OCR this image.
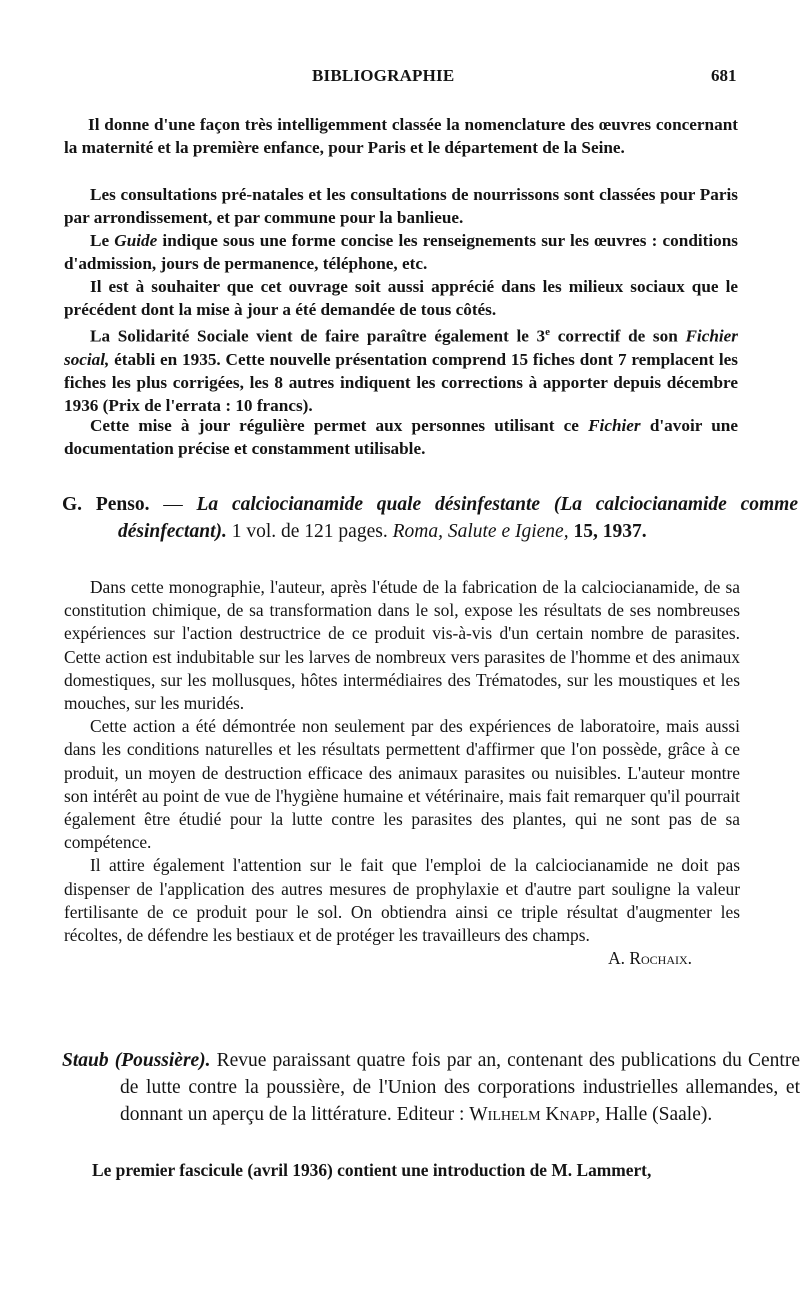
BIBLIOGRAPHIE	681

Il donne d'une façon très intelligemment classée la nomenclature des œuvres concernant la maternité et la première enfance, pour Paris et le département de la Seine.

Les consultations pré-natales et les consultations de nourrissons sont classées pour Paris par arrondissement, et par commune pour la banlieue.

Le Guide indique sous une forme concise les renseignements sur les œuvres : conditions d'admission, jours de permanence, téléphone, etc.

Il est à souhaiter que cet ouvrage soit aussi apprécié dans les milieux sociaux que le précédent dont la mise à jour a été demandée de tous côtés.

La Solidarité Sociale vient de faire paraître également le 3e correctif de son Fichier social, établi en 1935. Cette nouvelle présentation comprend 15 fiches dont 7 remplacent les fiches les plus corrigées, les 8 autres indiquent les corrections à apporter depuis décembre 1936 (Prix de l'errata : 10 francs).

Cette mise à jour régulière permet aux personnes utilisant ce Fichier d'avoir une documentation précise et constamment utilisable.

G. Penso. — La calciocianamide quale désinfestante (La calciocianamide comme désinfectant). 1 vol. de 121 pages. Roma, Salute e Igiene, 15, 1937.

Dans cette monographie, l'auteur, après l'étude de la fabrication de la calciocianamide, de sa constitution chimique, de sa transformation dans le sol, expose les résultats de ses nombreuses expériences sur l'action destructrice de ce produit vis-à-vis d'un certain nombre de parasites. Cette action est indubitable sur les larves de nombreux vers parasites de l'homme et des animaux domestiques, sur les mollusques, hôtes intermédiaires des Trématodes, sur les moustiques et les mouches, sur les muridés.

Cette action a été démontrée non seulement par des expériences de laboratoire, mais aussi dans les conditions naturelles et les résultats permettent d'affirmer que l'on possède, grâce à ce produit, un moyen de destruction efficace des animaux parasites ou nuisibles. L'auteur montre son intérêt au point de vue de l'hygiène humaine et vétérinaire, mais fait remarquer qu'il pourrait également être étudié pour la lutte contre les parasites des plantes, qui ne sont pas de sa compétence.

Il attire également l'attention sur le fait que l'emploi de la calciocianamide ne doit pas dispenser de l'application des autres mesures de prophylaxie et d'autre part souligne la valeur fertilisante de ce produit pour le sol. On obtiendra ainsi ce triple résultat d'augmenter les récoltes, de défendre les bestiaux et de protéger les travailleurs des champs.
A. Rochaix.

Staub (Poussière). Revue paraissant quatre fois par an, contenant des publications du Centre de lutte contre la poussière, de l'Union des corporations industrielles allemandes, et donnant un aperçu de la littérature. Editeur : Wilhelm Knapp, Halle (Saale).
Le premier fascicule (avril 1936) contient une introduction de M. Lammert,
